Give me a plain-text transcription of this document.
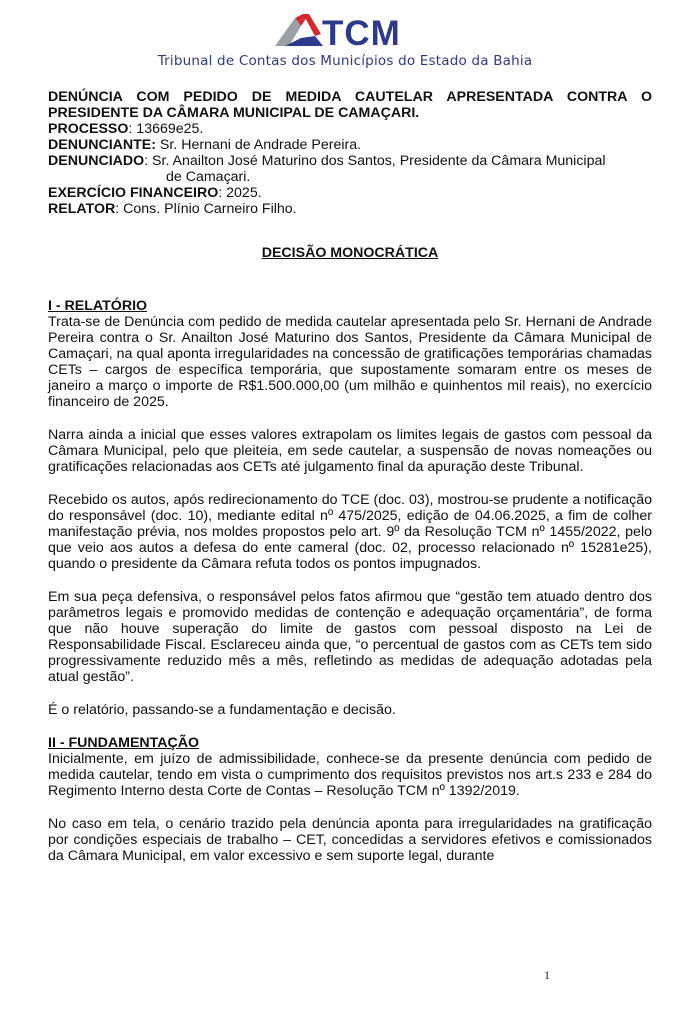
TCM
Tribunal de Contas dos Municípios do Estado da Bahia
DENÚNCIA COM PEDIDO DE MEDIDA CAUTELAR APRESENTADA CONTRA O PRESIDENTE DA CÂMARA MUNICIPAL DE CAMAÇARI.
PROCESSO: 13669e25.
DENUNCIANTE: Sr. Hernani de Andrade Pereira.
DENUNCIADO: Sr. Anailton José Maturino dos Santos, Presidente da Câmara Municipal
de Camaçari.
EXERCÍCIO FINANCEIRO: 2025.
RELATOR: Cons. Plínio Carneiro Filho.
DECISÃO MONOCRÁTICA
I - RELATÓRIO

Trata-se de Denúncia com pedido de medida cautelar apresentada pelo Sr. Hernani de Andrade Pereira contra o Sr. Anailton José Maturino dos Santos, Presidente da Câmara Municipal de Camaçari, na qual aponta irregularidades na concessão de gratificações temporárias chamadas CETs – cargos de específica temporária, que supostamente somaram entre os meses de janeiro a março o importe de R$1.500.000,00 (um milhão e quinhentos mil reais), no exercício financeiro de 2025.

Narra ainda a inicial que esses valores extrapolam os limites legais de gastos com pessoal da Câmara Municipal, pelo que pleiteia, em sede cautelar, a suspensão de novas nomeações ou gratificações relacionadas aos CETs até julgamento final da apuração deste Tribunal.

Recebido os autos, após redirecionamento do TCE (doc. 03), mostrou-se prudente a notificação do responsável (doc. 10), mediante edital nº 475/2025, edição de 04.06.2025, a fim de colher manifestação prévia, nos moldes propostos pelo art. 9º da Resolução TCM nº 1455/2022, pelo que veio aos autos a defesa do ente cameral (doc. 02, processo relacionado nº 15281e25), quando o presidente da Câmara refuta todos os pontos impugnados.

Em sua peça defensiva, o responsável pelos fatos afirmou que “gestão tem atuado dentro dos parâmetros legais e promovido medidas de contenção e adequação orçamentária”, de forma que não houve superação do limite de gastos com pessoal disposto na Lei de Responsabilidade Fiscal. Esclareceu ainda que, “o percentual de gastos com as CETs tem sido progressivamente reduzido mês a mês, refletindo as medidas de adequação adotadas pela atual gestão”.

É o relatório, passando-se a fundamentação e decisão.

II - FUNDAMENTAÇÃO

Inicialmente, em juízo de admissibilidade, conhece-se da presente denúncia com pedido de medida cautelar, tendo em vista o cumprimento dos requisitos previstos nos art.s 233 e 284 do Regimento Interno desta Corte de Contas – Resolução TCM nº 1392/2019.

No caso em tela, o cenário trazido pela denúncia aponta para irregularidades na gratificação por condições especiais de trabalho – CET, concedidas a servidores efetivos e comissionados da Câmara Municipal, em valor excessivo e sem suporte legal, durante

1
